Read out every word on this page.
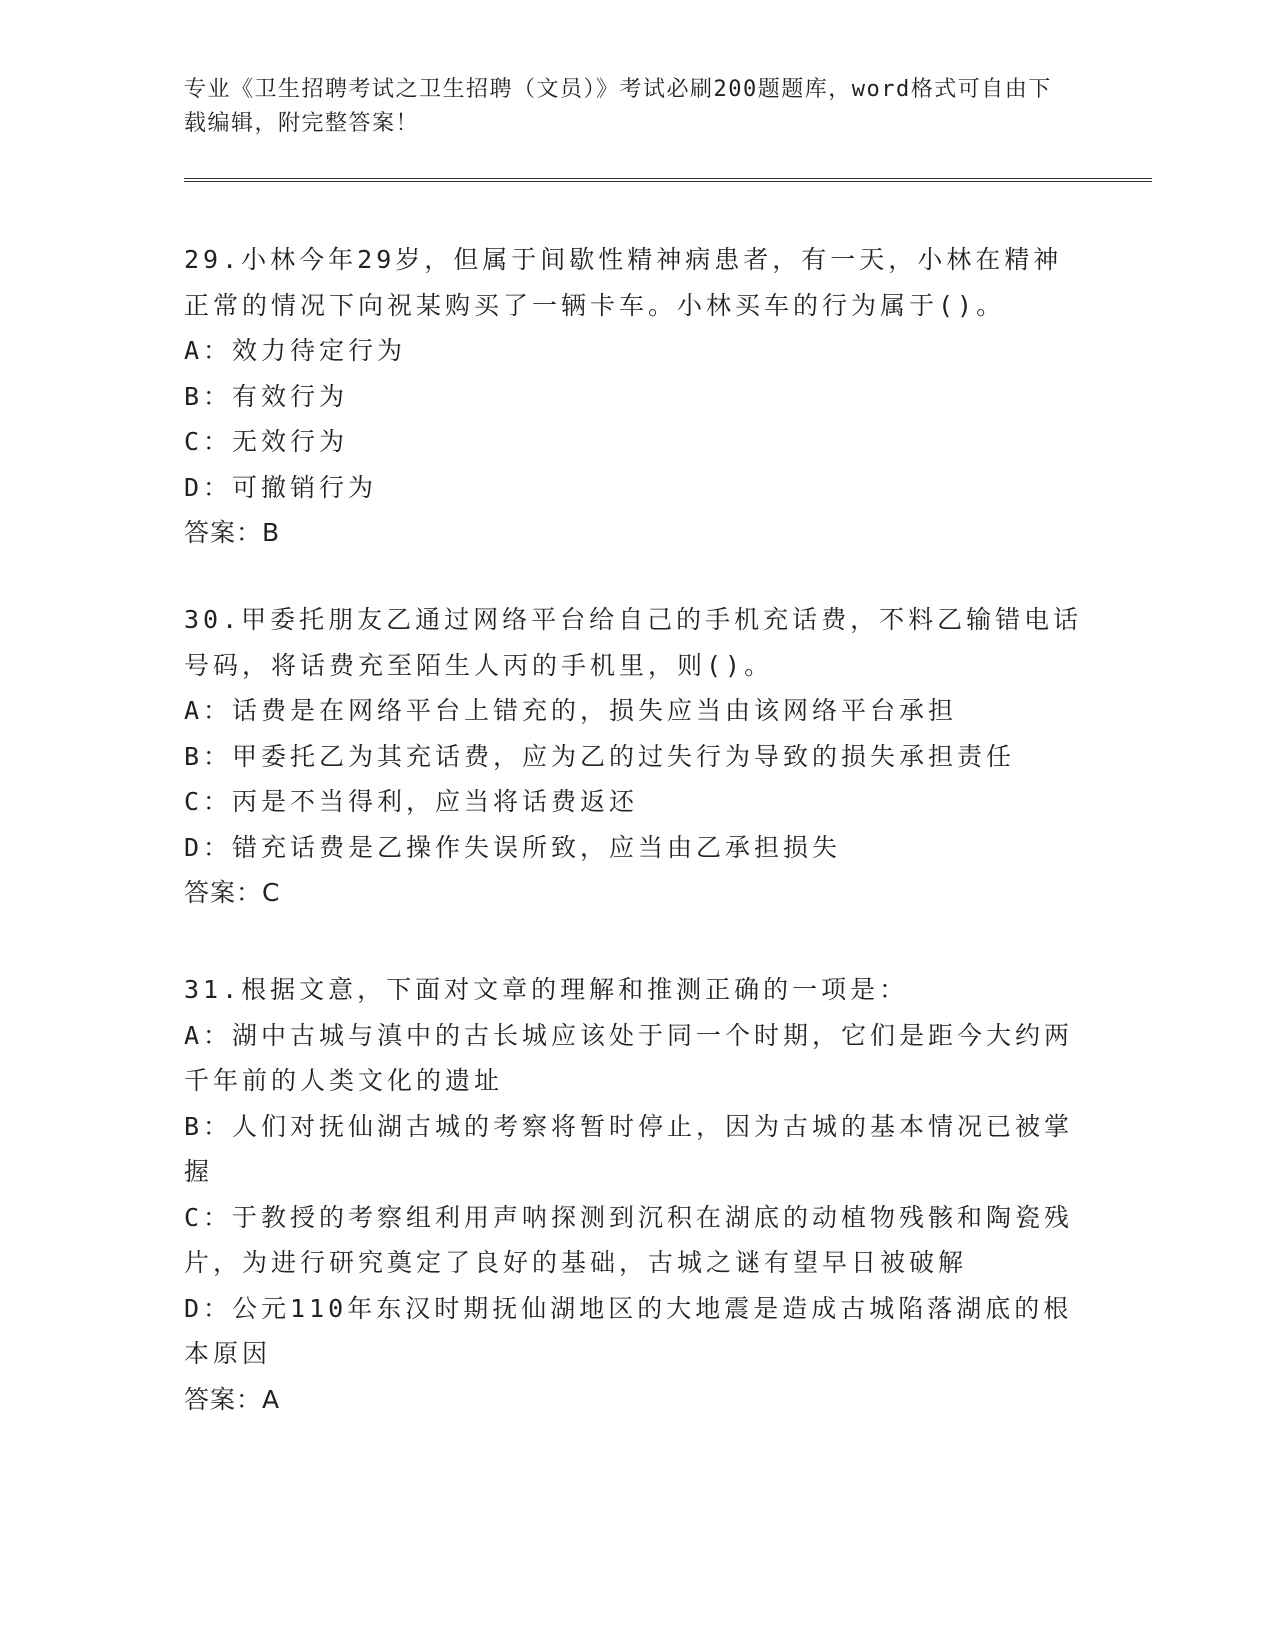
专业《卫生招聘考试之卫生招聘（文员）》考试必刷200题题库，word格式可自由下载编辑，附完整答案！
29.小林今年29岁，但属于间歇性精神病患者，有一天，小林在精神正常的情况下向祝某购买了一辆卡车。小林买车的行为属于()。
A：效力待定行为
B：有效行为
C：无效行为
D：可撤销行为
答案：B
30.甲委托朋友乙通过网络平台给自己的手机充话费，不料乙输错电话号码，将话费充至陌生人丙的手机里，则()。
A：话费是在网络平台上错充的，损失应当由该网络平台承担
B：甲委托乙为其充话费，应为乙的过失行为导致的损失承担责任
C：丙是不当得利，应当将话费返还
D：错充话费是乙操作失误所致，应当由乙承担损失
答案：C
31.根据文意，下面对文章的理解和推测正确的一项是：
A：湖中古城与滇中的古长城应该处于同一个时期，它们是距今大约两千年前的人类文化的遗址
B：人们对抚仙湖古城的考察将暂时停止，因为古城的基本情况已被掌握
C：于教授的考察组利用声呐探测到沉积在湖底的动植物残骸和陶瓷残片，为进行研究奠定了良好的基础，古城之谜有望早日被破解
D：公元110年东汉时期抚仙湖地区的大地震是造成古城陷落湖底的根本原因
答案：A
